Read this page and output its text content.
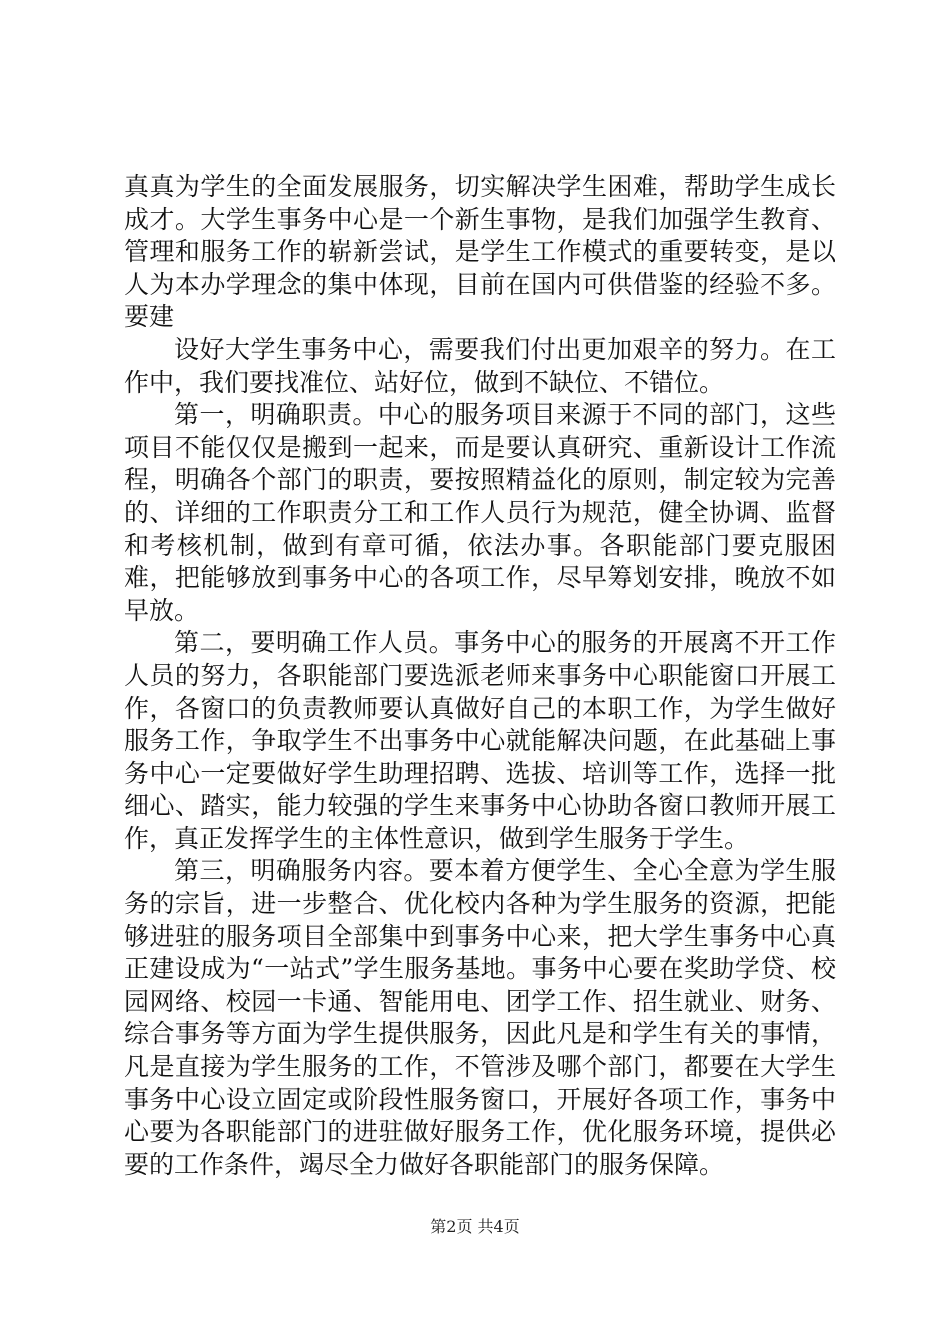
真真为学生的全面发展服务，切实解决学生困难，帮助学生成长成才。大学生事务中心是一个新生事物，是我们加强学生教育、管理和服务工作的崭新尝试，是学生工作模式的重要转变，是以人为本办学理念的集中体现，目前在国内可供借鉴的经验不多。要建

设好大学生事务中心，需要我们付出更加艰辛的努力。在工作中，我们要找准位、站好位，做到不缺位、不错位。

第一，明确职责。中心的服务项目来源于不同的部门，这些项目不能仅仅是搬到一起来，而是要认真研究、重新设计工作流程，明确各个部门的职责，要按照精益化的原则，制定较为完善的、详细的工作职责分工和工作人员行为规范，健全协调、监督和考核机制，做到有章可循，依法办事。各职能部门要克服困难，把能够放到事务中心的各项工作，尽早筹划安排，晚放不如早放。

第二，要明确工作人员。事务中心的服务的开展离不开工作人员的努力，各职能部门要选派老师来事务中心职能窗口开展工作，各窗口的负责教师要认真做好自己的本职工作，为学生做好服务工作，争取学生不出事务中心就能解决问题，在此基础上事务中心一定要做好学生助理招聘、选拔、培训等工作，选择一批细心、踏实，能力较强的学生来事务中心协助各窗口教师开展工作，真正发挥学生的主体性意识，做到学生服务于学生。

第三，明确服务内容。要本着方便学生、全心全意为学生服务的宗旨，进一步整合、优化校内各种为学生服务的资源，把能够进驻的服务项目全部集中到事务中心来，把大学生事务中心真正建设成为“一站式”学生服务基地。事务中心要在奖助学贷、校园网络、校园一卡通、智能用电、团学工作、招生就业、财务、综合事务等方面为学生提供服务，因此凡是和学生有关的事情，凡是直接为学生服务的工作，不管涉及哪个部门，都要在大学生事务中心设立固定或阶段性服务窗口，开展好各项工作，事务中心要为各职能部门的进驻做好服务工作，优化服务环境，提供必要的工作条件，竭尽全力做好各职能部门的服务保障。

第2页 共4页
